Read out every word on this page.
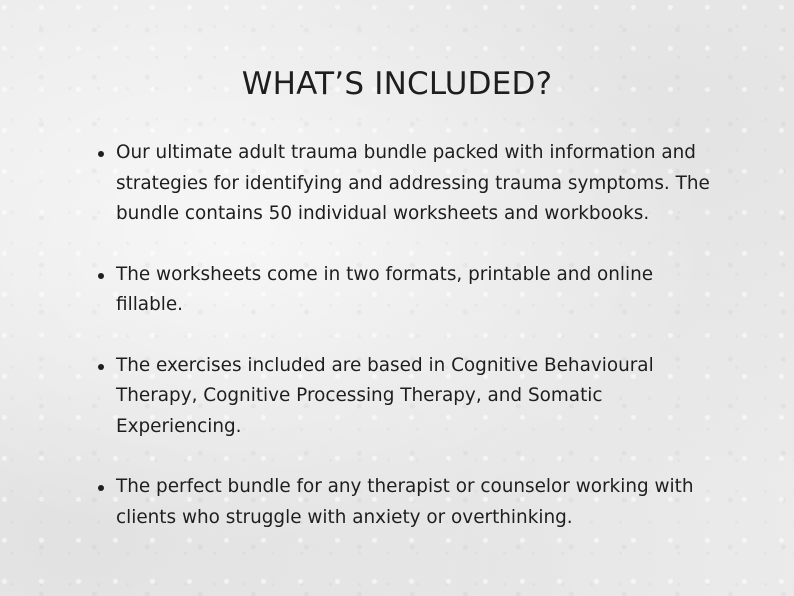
WHAT’S INCLUDED?
Our ultimate adult trauma bundle packed with information and
strategies for identifying and addressing trauma symptoms. The
bundle contains 50 individual worksheets and workbooks.
The worksheets come in two formats, printable and online
fillable.
The exercises included are based in Cognitive Behavioural
Therapy, Cognitive Processing Therapy, and Somatic
Experiencing.
The perfect bundle for any therapist or counselor working with
clients who struggle with anxiety or overthinking.
